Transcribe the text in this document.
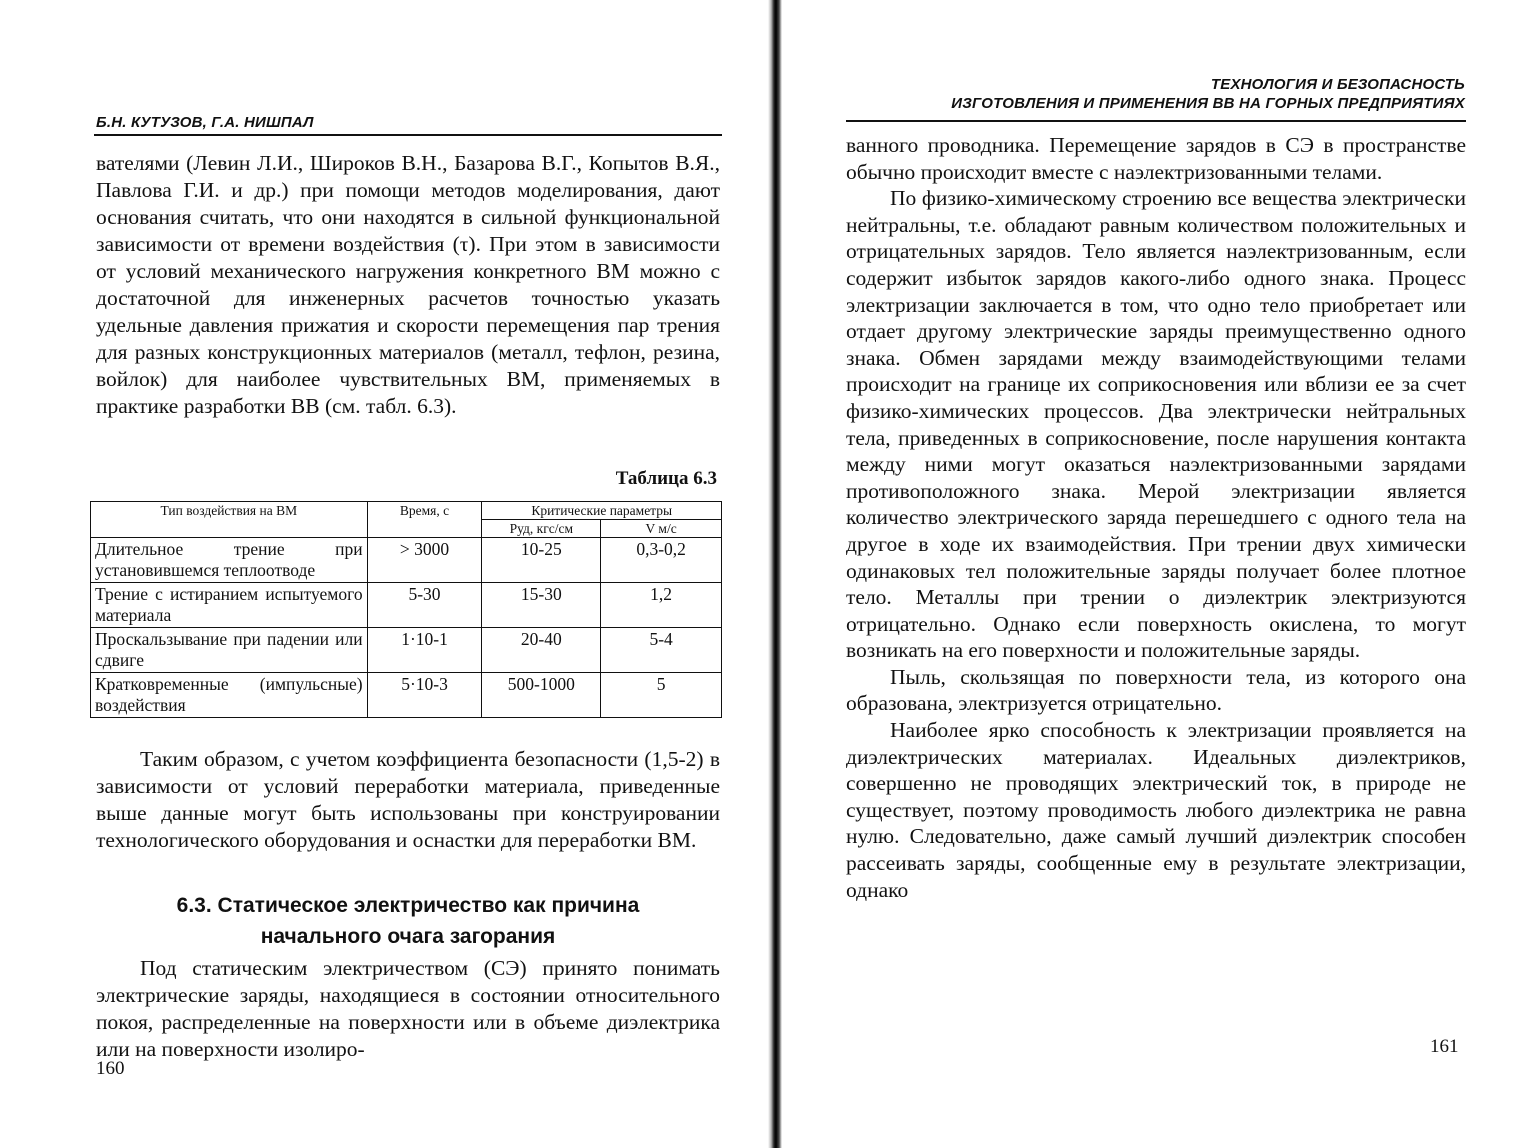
Б.Н. КУТУЗОВ, Г.А. НИШПАЛ

вателями (Левин Л.И., Широков В.Н., Базарова В.Г., Копытов В.Я., Павлова Г.И. и др.) при помощи методов моделирования, дают основания считать, что они находятся в сильной функциональной зависимости от времени воздействия (τ). При этом в зависимости от условий механического нагружения конкретного ВМ можно с достаточной для инженерных расчетов точностью указать удельные давления прижатия и скорости перемещения пар трения для разных конструкционных материалов (металл, тефлон, резина, войлок) для наиболее чувствительных ВМ, применяемых в практике разработки ВВ (см. табл. 6.3).

Таблица 6.3
Тип воздействия на ВМ	Время, с	Критические параметры	
		Руд, кгс/см	V м/с
Длительное трение при установившемся теплоотводе	> 3000	10-25	0,3-0,2
Трение с истиранием испытуемого материала	5-30	15-30	1,2
Проскальзывание при падении или сдвиге	1·10-1	20-40	5-4
Кратковременные (импульсные) воздействия	5·10-3	500-1000	5

Таким образом, с учетом коэффициента безопасности (1,5-2) в зависимости от условий переработки материала, приведенные выше данные могут быть использованы при конструировании технологического оборудования и оснастки для переработки ВМ.

6.3. Статическое электричество как причина
начального очага загорания

Под статическим электричеством (СЭ) принято понимать электрические заряды, находящиеся в состоянии относительного покоя, распределенные на поверхности или в объеме диэлектрика или на поверхности изолиро-

160
ТЕХНОЛОГИЯ И БЕЗОПАСНОСТЬ
ИЗГОТОВЛЕНИЯ И ПРИМЕНЕНИЯ ВВ НА ГОРНЫХ ПРЕДПРИЯТИЯХ

ванного проводника. Перемещение зарядов в СЭ в пространстве обычно происходит вместе с наэлектризованными телами.

По физико-химическому строению все вещества электрически нейтральны, т.е. обладают равным количеством положительных и отрицательных зарядов. Тело является наэлектризованным, если содержит избыток зарядов какого-либо одного знака. Процесс электризации заключается в том, что одно тело приобретает или отдает другому электрические заряды преимущественно одного знака. Обмен зарядами между взаимодействующими телами происходит на границе их соприкосновения или вблизи ее за счет физико-химических процессов. Два электрически нейтральных тела, приведенных в соприкосновение, после нарушения контакта между ними могут оказаться наэлектризованными зарядами противоположного знака. Мерой электризации является количество электрического заряда перешедшего с одного тела на другое в ходе их взаимодействия. При трении двух химически одинаковых тел положительные заряды получает более плотное тело. Металлы при трении о диэлектрик электризуются отрицательно. Однако если поверхность окислена, то могут возникать на его поверхности и положительные заряды.

Пыль, скользящая по поверхности тела, из которого она образована, электризуется отрицательно.

Наиболее ярко способность к электризации проявляется на диэлектрических материалах. Идеальных диэлектриков, совершенно не проводящих электрический ток, в природе не существует, поэтому проводимость любого диэлектрика не равна нулю. Следовательно, даже самый лучший диэлектрик способен рассеивать заряды, сообщенные ему в результате электризации, однако

161
